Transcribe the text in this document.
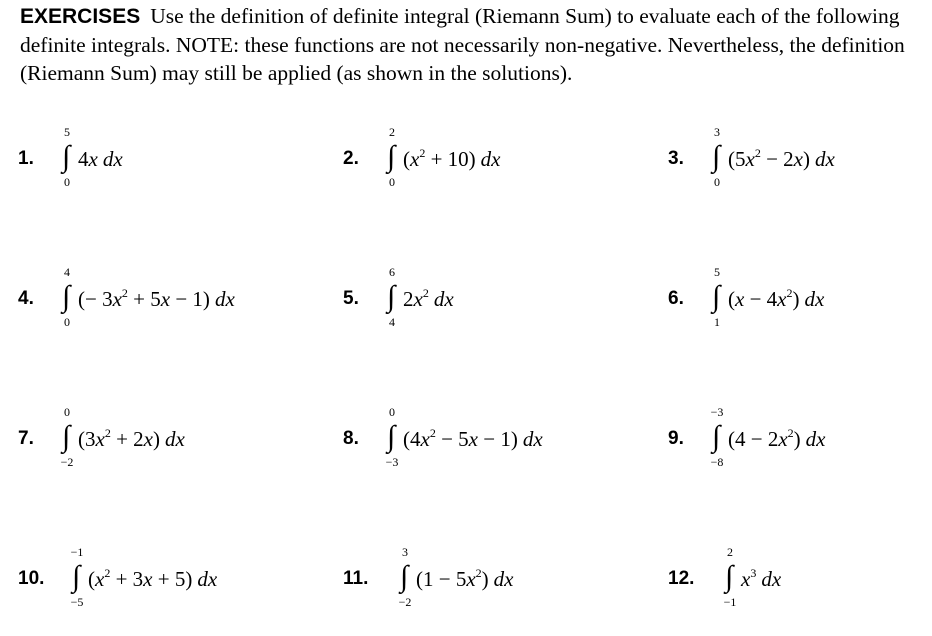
EXERCISES Use the definition of definite integral (Riemann Sum) to evaluate each of the following definite integrals. NOTE: these functions are not necessarily non-negative. Nevertheless, the definition (Riemann Sum) may still be applied (as shown in the solutions).
1. ∫
5
0
4x dx	2. ∫
2
0
$(x^2 + 10)$ dx	3. ∫
3
0
$(5x^2 - 2x)$ dx
4. ∫
4
0
(− $3x^2 + 5x - 1$) dx	5. ∫
6
4
$2x^2$ dx	6. ∫
5
1
$(x - 4x^2)$ dx
7. ∫
0
−2
$(3x^2 + 2x)$ dx	8. ∫
0
−3
$(4x^2 - 5x - 1)$ dx	9. ∫
−3
−8
$(4 - 2x^2)$ dx
10. ∫
−1
−5
$(x^2 + 3x + 5)$ dx	11. ∫
3
−2
$(1 - 5x^2)$ dx	12. ∫
2
−1
$x^3$ dx
